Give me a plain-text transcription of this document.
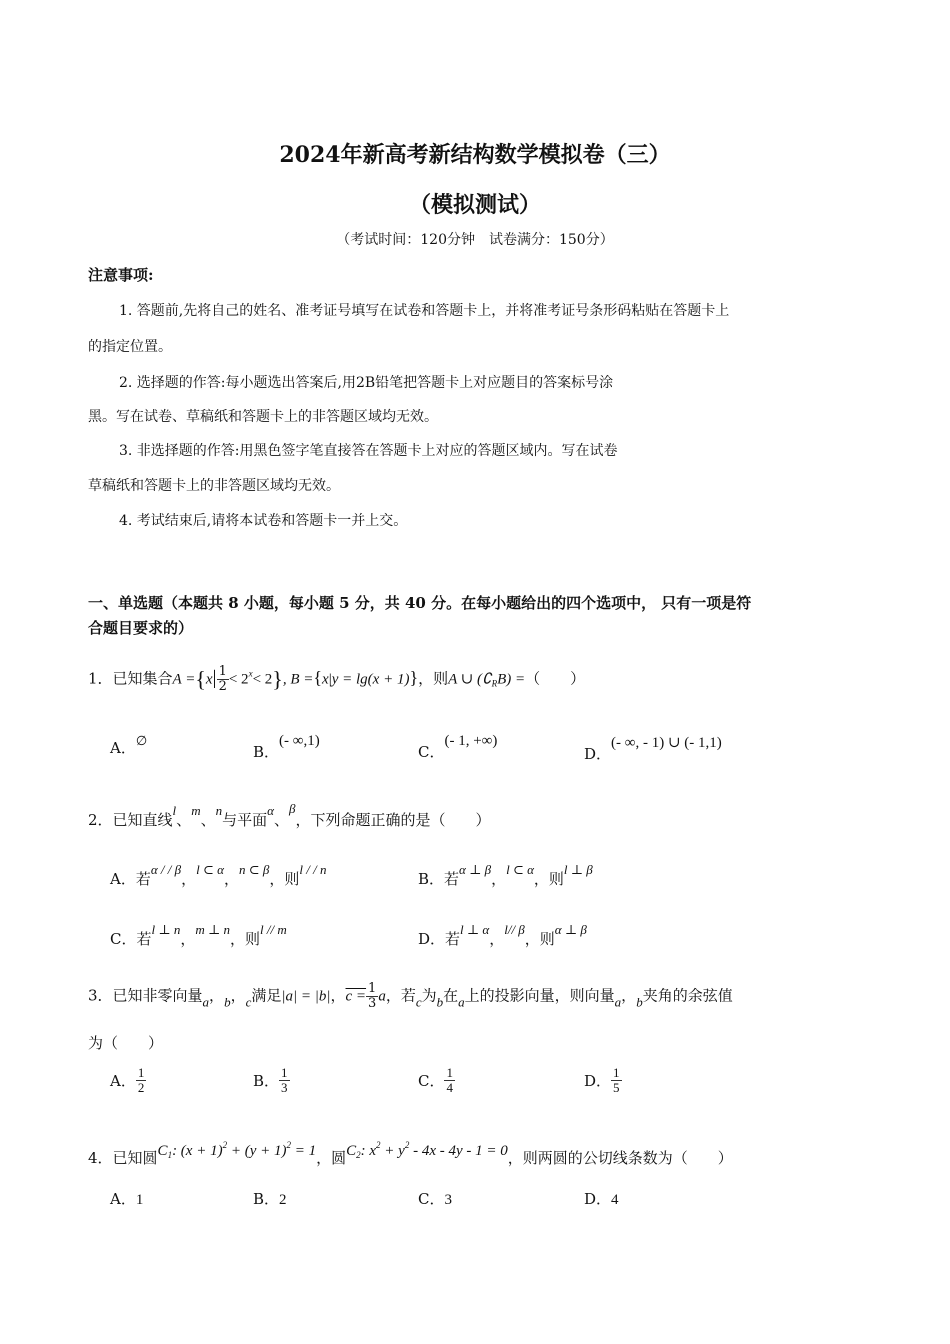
2024年新高考新结构数学模拟卷（三）
（模拟测试）
（考试时间：120分钟　试卷满分：150分）
注意事项:
1. 答题前,先将自己的姓名、准考证号填写在试卷和答题卡上，并将准考证号条形码粘贴在答题卡上
的指定位置。
2. 选择题的作答:每小题选出答案后,用2B铅笔把答题卡上对应题目的答案标号涂
黑。写在试卷、草稿纸和答题卡上的非答题区域均无效。
3. 非选择题的作答:用黑色签字笔直接答在答题卡上对应的答题区域内。写在试卷
草稿纸和答题卡上的非答题区域均无效。
4. 考试结束后,请将本试卷和答题卡一并上交。
一、单选题（本题共 8 小题，每小题 5 分，共 40 分。在每小题给出的四个选项中， 只有一项是符
合题目要求的）
1．已知集合$A =\{x| \frac{1}{2} < 2^x< 2\}$, B ={x|y = lg(x + 1)}，则A ∪ $(∁_RB)$ =（　　）
A．∅
B．(- ∞,1)
C．(- 1, +∞)
D．(- ∞, - 1) ∪ (- 1,1)
2．已知直线l、m、n与平面α、β，下列命题正确的是（　　）
A．若α / / β，l ⊂ α，n ⊂ β，则l / / n
B．若α ⊥ β，l ⊂ α，则l ⊥ β
C．若l ⊥ n，m ⊥ n，则l // m
D．若l ⊥ α，l// β，则α ⊥ β
3．已知非零向量a，b，c满足|a| = |b|，$c = \frac{1}{3}$ a，若c为b在a上的投影向量，则向量a，b夹角的余弦值
为（　　）
A． $\frac{1}{2}$	B． $\frac{1}{3}$	C． $\frac{1}{4}$	D． $\frac{1}{5}$
4．已知圆$C_1$: $(x + 1)^2 + (y + 1)^2 = 1$，圆$C_2$: $x^2 + y^2 - 4x - 4y - 1 = 0$，则两圆的公切线条数为（　　）
A．1	B．2	C．3	D．4
